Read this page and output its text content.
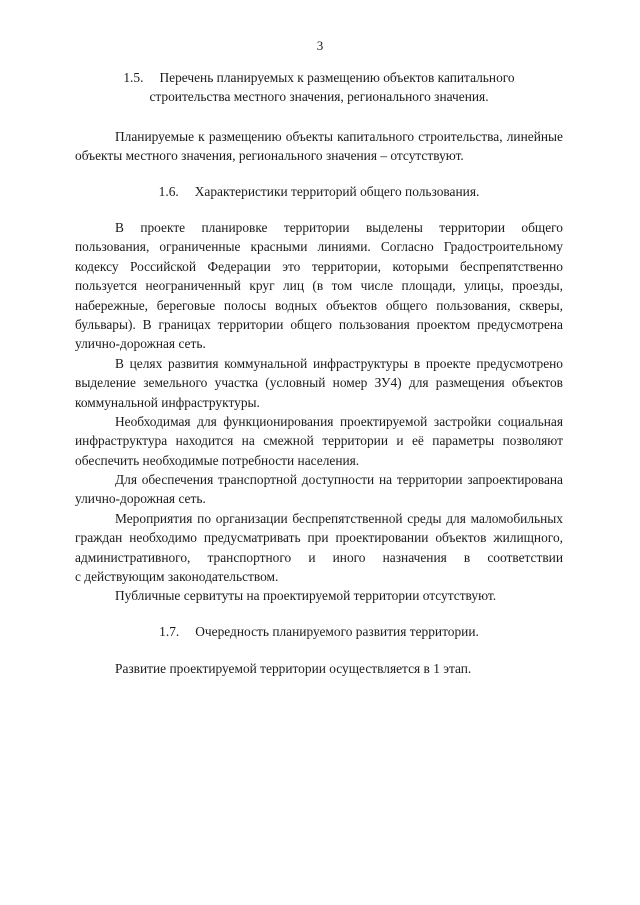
3
1.5. Перечень планируемых к размещению объектов капитального
строительства местного значения, регионального значения.
Планируемые к размещению объекты капитального строительства, линейные
объекты местного значения, регионального значения – отсутствуют.
1.6. Характеристики территорий общего пользования.
В проекте планировке территории выделены территории общего
пользования, ограниченные красными линиями. Согласно Градостроительному
кодексу Российской Федерации это территории, которыми беспрепятственно
пользуется неограниченный круг лиц (в том числе площади, улицы, проезды,
набережные, береговые полосы водных объектов общего пользования, скверы,
бульвары). В границах территории общего пользования проектом предусмотрена
улично-дорожная сеть.
В целях развития коммунальной инфраструктуры в проекте предусмотрено
выделение земельного участка (условный номер ЗУ4) для размещения объектов
коммунальной инфраструктуры.
Необходимая для функционирования проектируемой застройки социальная
инфраструктура находится на смежной территории и её параметры позволяют
обеспечить необходимые потребности населения.
Для обеспечения транспортной доступности на территории запроектирована
улично-дорожная сеть.
Мероприятия по организации беспрепятственной среды для маломобильных
граждан необходимо предусматривать при проектировании объектов жилищного,
административного, транспортного и иного назначения в соответствии
с действующим законодательством.
Публичные сервитуты на проектируемой территории отсутствуют.
1.7. Очередность планируемого развития территории.
Развитие проектируемой территории осуществляется в 1 этап.
